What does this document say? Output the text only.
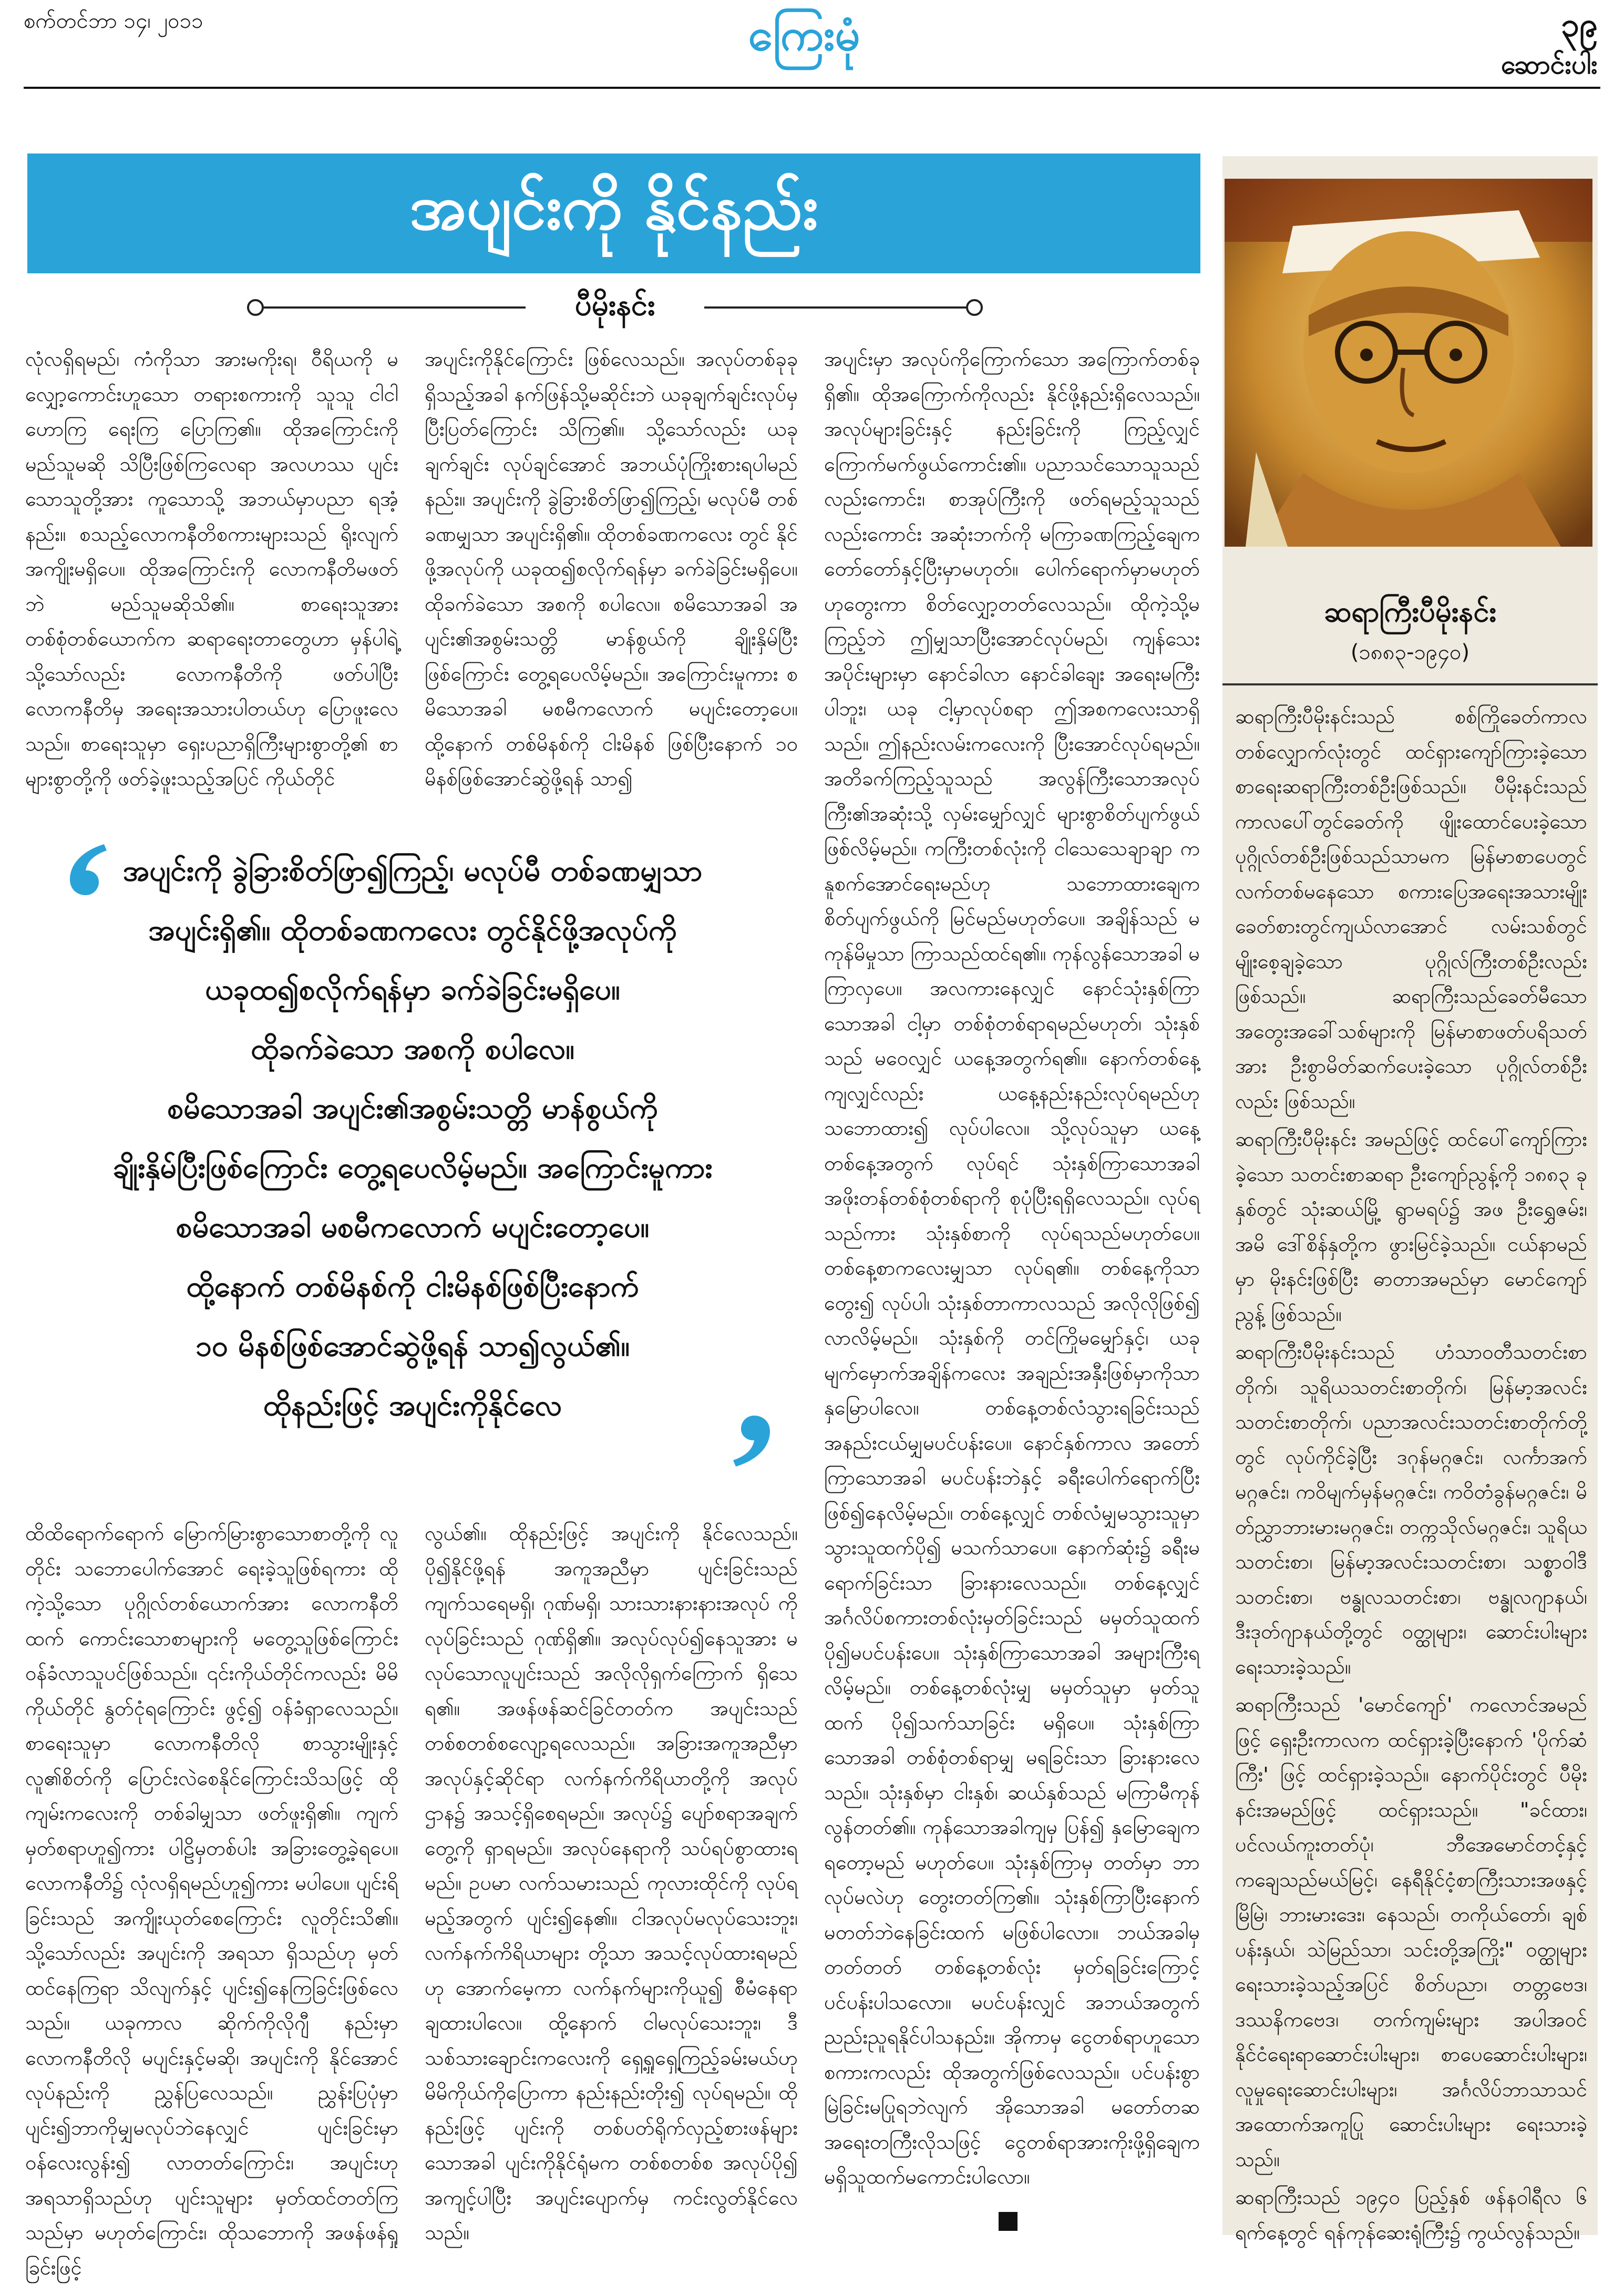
စက်တင်ဘာ ၁၄၊ ၂၀၁၁	ကြေးမုံ	၃၉
ဆောင်းပါး
အပျင်းကို နိုင်နည်း
ပီမိုးနင်း

လုံလရှိရမည်၊ ကံကိုသာ အားမကိုးရ၊ ဝီရိယကို မလျှော့ကောင်းဟူသော တရားစကားကို သူသူ ငါငါဟောကြ ရေးကြ ပြောကြ၏။ ထိုအကြောင်းကို မည်သူမဆို သိပြီးဖြစ်ကြလေရာ အလဟဿ ပျင်းသောသူတို့အား ကူသောသို့ အဘယ်မှာပညာ ရအံ့နည်း။ စသည့်လောကနီတိစကားများသည် ရိုးလျက် အကျိုးမရှိပေ။ ထိုအကြောင်းကို လောကနီတိမဖတ်ဘဲ မည်သူမဆိုသိ၏။ စာရေးသူအား တစ်စုံတစ်ယောက်က ဆရာရေးတာတွေဟာ မှန်ပါရဲ့ သို့သော်လည်း လောကနီတိကို ဖတ်ပါပြီး လောကနီတိမှ အရေးအသားပါတယ်ဟု ပြောဖူးလေသည်။ စာရေးသူမှာ ရှေးပညာရှိကြီးများစွာတို့၏ စာများစွာတို့ကို ဖတ်ခဲ့ဖူးသည့်အပြင် ကိုယ်တိုင်

အပျင်းကိုနိုင်ကြောင်း ဖြစ်လေသည်။ အလုပ်တစ်ခုခုရှိသည့်အခါ နက်ဖြန်သို့မဆိုင်းဘဲ ယခုချက်ချင်းလုပ်မှ ပြီးပြတ်ကြောင်း သိကြ၏။ သို့သော်လည်း ယခုချက်ချင်း လုပ်ချင်အောင် အဘယ်ပုံကြိုးစားရပါမည်နည်း။ အပျင်းကို ခွဲခြားစိတ်ဖြာ၍ကြည့်၊ မလုပ်မီ တစ်ခဏမျှသာ အပျင်းရှိ၏။ ထိုတစ်ခဏကလေး တွင် နိုင်ဖို့အလုပ်ကို ယခုထ၍စလိုက်ရန်မှာ ခက်ခဲခြင်းမရှိပေ။ ထိုခက်ခဲသော အစကို စပါလေ။ စမိသောအခါ အပျင်း၏အစွမ်းသတ္တိ မာန်စွယ်ကို ချိုးနှိမ်ပြီးဖြစ်ကြောင်း တွေ့ရပေလိမ့်မည်။ အကြောင်းမူကား စမိသောအခါ မစမီကလောက် မပျင်းတော့ပေ။ ထို့နောက် တစ်မိနစ်ကို ငါးမိနစ် ဖြစ်ပြီးနောက် ၁၀ မိနစ်ဖြစ်အောင်ဆွဲဖို့ရန် သာ၍

အပျင်းမှာ အလုပ်ကိုကြောက်သော အကြောက်တစ်ခုရှိ၏။ ထိုအကြောက်ကိုလည်း နိုင်ဖို့နည်းရှိလေသည်။ အလုပ်များခြင်းနှင့် နည်းခြင်းကို ကြည့်လျှင် ကြောက်မက်ဖွယ်ကောင်း၏။ ပညာသင်သောသူသည်လည်းကောင်း၊ စာအုပ်ကြီးကို ဖတ်ရမည့်သူသည်လည်းကောင်း အဆုံးဘက်ကို မကြာခဏကြည့်ချေက တော်တော်နှင့်ပြီးမှာမဟုတ်။ ပေါက်ရောက်မှာမဟုတ်ဟုတွေးကာ စိတ်လျှော့တတ်လေသည်။ ထိုကဲ့သို့မကြည့်ဘဲ ဤမျှသာပြီးအောင်လုပ်မည်၊ ကျန်သေးအပိုင်းများမှာ နောင်ခါလာ နောင်ခါချေး အရေးမကြီးပါဘူး၊ ယခု ငါ့မှာလုပ်စရာ ဤအစကလေးသာရှိသည်။ ဤနည်းလမ်းကလေးကို ပြီးအောင်လုပ်ရမည်။ အတိခက်ကြည့်သူသည် အလွန်ကြီးသောအလုပ်ကြီး၏အဆုံးသို့ လှမ်းမျှော်လျှင် များစွာစိတ်ပျက်ဖွယ်ဖြစ်လိမ့်မည်။ ကကြီးတစ်လုံးကို ငါသေသေချာချာ ကနူစက်အောင်ရေးမည်ဟု သဘောထားချေက စိတ်ပျက်ဖွယ်ကို မြင်မည်မဟုတ်ပေ။ အချိန်သည် မကုန်မိမှုသာ ကြာသည်ထင်ရ၏။ ကုန်လွန်သောအခါ မကြာလှပေ။ အလကားနေလျှင် နောင်သုံးနှစ်ကြာသောအခါ ငါ့မှာ တစ်စုံတစ်ရာရမည်မဟုတ်၊ သုံးနှစ်သည် မဝေလျှင် ယနေ့အတွက်ရ၏။ နောက်တစ်နေ့ကျလျှင်လည်း ယနေ့နည်းနည်းလုပ်ရမည်ဟု သဘောထား၍ လုပ်ပါလေ။ သို့လုပ်သူမှာ ယနေ့တစ်နေ့အတွက် လုပ်ရင် သုံးနှစ်ကြာသောအခါ အဖိုးတန်တစ်စုံတစ်ရာကို စုပုံပြီးရရှိလေသည်။ လုပ်ရသည်ကား သုံးနှစ်စာကို လုပ်ရသည်မဟုတ်ပေ။ တစ်နေ့စာကလေးမျှသာ လုပ်ရ၏။ တစ်နေ့ကိုသာ တွေး၍ လုပ်ပါ၊ သုံးနှစ်တာကာလသည် အလိုလိုဖြစ်၍ လာလိမ့်မည်။ သုံးနှစ်ကို တင်ကြိုမမျှော်နှင့်၊ ယခုမျက်မှောက်အချိန်ကလေး အချည်းအနှီးဖြစ်မှာကိုသာ နှမြောပါလေ။ တစ်နေ့တစ်လံသွားရခြင်းသည် အနည်းငယ်မျှမပင်ပန်းပေ။ နောင်နှစ်ကာလ အတော်ကြာသောအခါ မပင်ပန်းဘဲနှင့် ခရီးပေါက်ရောက်ပြီးဖြစ်၍နေလိမ့်မည်။ တစ်နေ့လျှင် တစ်လံမျှမသွားသူမှာ သွားသူထက်ပို၍ မသက်သာပေ။ နောက်ဆုံး၌ ခရီးမရောက်ခြင်းသာ ခြားနားလေသည်။ တစ်နေ့လျှင် အင်္ဂလိပ်စကားတစ်လုံးမှတ်ခြင်းသည် မမှတ်သူထက် ပို၍မပင်ပန်းပေ။ သုံးနှစ်ကြာသောအခါ အများကြီးရလိမ့်မည်။ တစ်နေ့တစ်လုံးမျှ မမှတ်သူမှာ မှတ်သူထက် ပို၍သက်သာခြင်း မရှိပေ။ သုံးနှစ်ကြာသောအခါ တစ်စုံတစ်ရာမျှ မရခြင်းသာ ခြားနားလေသည်။ သုံးနှစ်မှာ ငါးနှစ်၊ ဆယ်နှစ်သည် မကြာမီကုန်လွန်တတ်၏။ ကုန်သောအခါကျမှ ပြန်၍ နှမြောချေက ရတော့မည် မဟုတ်ပေ။ သုံးနှစ်ကြာမှ တတ်မှာ ဘာလုပ်မလဲဟု တွေးတတ်ကြ၏။ သုံးနှစ်ကြာပြီးနောက် မတတ်ဘဲနေခြင်းထက် မဖြစ်ပါလော။ ဘယ်အခါမှတတ်တတ် တစ်နေ့တစ်လုံး မှတ်ရခြင်းကြောင့် ပင်ပန်းပါသလော။ မပင်ပန်းလျှင် အဘယ်အတွက် ညည်းညူရနိုင်ပါသနည်း။ အိုကာမှ ငွေတစ်ရာဟူသောစကားကလည်း ထိုအတွက်ဖြစ်လေသည်။ ပင်ပန်းစွာ မြဲခြင်းမပြုရဘဲလျက် အိုသောအခါ မတော်တဆအရေးတကြီးလိုသဖြင့် ငွေတစ်ရာအားကိုးဖို့ရှိချေက မရှိသူထက်မကောင်းပါလော။

အပျင်းကို ခွဲခြားစိတ်ဖြာ၍ကြည့်၊ မလုပ်မီ တစ်ခဏမျှသာ
အပျင်းရှိ၏။ ထိုတစ်ခဏကလေး တွင်နိုင်ဖို့အလုပ်ကို
ယခုထ၍စလိုက်ရန်မှာ ခက်ခဲခြင်းမရှိပေ။
ထိုခက်ခဲသော အစကို စပါလေ။
စမိသောအခါ အပျင်း၏အစွမ်းသတ္တိ မာန်စွယ်ကို
ချိုးနှိမ်ပြီးဖြစ်ကြောင်း တွေ့ရပေလိမ့်မည်။ အကြောင်းမူကား
စမိသောအခါ မစမီကလောက် မပျင်းတော့ပေ။
ထို့နောက် တစ်မိနစ်ကို ငါးမိနစ်ဖြစ်ပြီးနောက်
၁၀ မိနစ်ဖြစ်အောင်ဆွဲဖို့ရန် သာ၍လွယ်၏။
ထိုနည်းဖြင့် အပျင်းကိုနိုင်လေ

ထိထိရောက်ရောက် မြောက်မြားစွာသောစာတို့ကို လူတိုင်း သဘောပေါက်အောင် ရေးခဲ့သူဖြစ်ရကား ထိုကဲ့သို့သော ပုဂ္ဂိုလ်တစ်ယောက်အား လောကနီတိထက် ကောင်းသောစာများကို မတွေ့သူဖြစ်ကြောင်း ဝန်ခံလာသူပင်ဖြစ်သည်။ ၎င်းကိုယ်တိုင်ကလည်း မိမိကိုယ်တိုင် နွတ်ငုံရကြောင်း ဖွင့်၍ ဝန်ခံရှာလေသည်။ စာရေးသူမှာ လောကနီတိလို စာသွားမျိုးနှင့် လူ၏စိတ်ကို ပြောင်းလဲစေနိုင်ကြောင်းသိသဖြင့် ထိုကျမ်းကလေးကို တစ်ခါမျှသာ ဖတ်ဖူးရှိ၏။ ကျက်မှတ်စရာဟူ၍ကား ပါဠိမှတစ်ပါး အခြားတွေ့ခဲ့ရပေ။ လောကနီတိ၌ လုံလရှိရမည်ဟူ၍ကား မပါပေ။ ပျင်းရိခြင်းသည် အကျိုးယုတ်စေကြောင်း လူတိုင်းသိ၏။ သို့သော်လည်း အပျင်းကို အရသာ ရှိသည်ဟု မှတ်ထင်နေကြရာ သိလျက်နှင့် ပျင်း၍နေကြခြင်းဖြစ်လေသည်။ ယခုကာလ ဆိုက်ကိုလိုဂျီ နည်းမှာ လောကနီတိလို မပျင်းနှင့်မဆို၊ အပျင်းကို နိုင်အောင်လုပ်နည်းကို ညွှန်ပြလေသည်။ ညွှန်းပြပုံမှာ ပျင်း၍ဘာကိုမျှမလုပ်ဘဲနေလျှင် ပျင်းခြင်းမှာ ဝန်လေးလွန်း၍ လာတတ်ကြောင်း၊ အပျင်းဟု အရသာရှိသည်ဟု ပျင်းသူများ မှတ်ထင်တတ်ကြသည်မှာ မဟုတ်ကြောင်း၊ ထိုသဘောကို အဖန်ဖန်ရှုခြင်းဖြင့်

လွယ်၏။ ထိုနည်းဖြင့် အပျင်းကို နိုင်လေသည်။ ပို၍နိုင်ဖို့ရန် အကူအညီမှာ ပျင်းခြင်းသည် ကျက်သရေမရှိ၊ ဂုဏ်မရှိ၊ သားသားနားနားအလုပ် ကို လုပ်ခြင်းသည် ဂုဏ်ရှိ၏။ အလုပ်လုပ်၍နေသူအား မလုပ်သောလူပျင်းသည် အလိုလိုရှက်ကြောက် ရှိသေရ၏။ အဖန်ဖန်ဆင်ခြင်တတ်က အပျင်းသည် တစ်စတစ်စလျော့ရလေသည်။ အခြားအကူအညီမှာ အလုပ်နှင့်ဆိုင်ရာ လက်နက်ကိရိယာတို့ကို အလုပ်ဌာန၌ အသင့်ရှိစေရမည်။ အလုပ်၌ ပျော်စရာအချက်တွေ့ကို ရှာရမည်။ အလုပ်နေရာကို သပ်ရပ်စွာထားရမည်။ ဥပမာ လက်သမားသည် ကုလားထိုင်ကို လုပ်ရမည့်အတွက် ပျင်း၍နေ၏။ ငါအလုပ်မလုပ်သေးဘူး၊ လက်နက်ကိရိယာများ တို့သာ အသင့်လုပ်ထားရမည်ဟု အောက်မေ့ကာ လက်နက်များကိုယူ၍ စီမံနေရာချထားပါလေ။ ထို့နောက် ငါမလုပ်သေးဘူး၊ ဒီသစ်သားချောင်းကလေးကို ရှေ့ရှုရှေ့ကြည့်ခမ်းမယ်ဟု မိမိကိုယ်ကိုပြောကာ နည်းနည်းတိုး၍ လုပ်ရမည်။ ထိုနည်းဖြင့် ပျင်းကို တစ်ပတ်ရိုက်လှည့်စားဖန်များသောအခါ ပျင်းကိုနိုင်ရုံမက တစ်စတစ်စ အလုပ်ပို၍ အကျင့်ပါပြီး အပျင်းပျောက်မှ ကင်းလွတ်နိုင်လေသည်။

ဆရာကြီးပီမိုးနင်း
(၁၈၈၃-၁၉၄၀)

ဆရာကြီးပီမိုးနင်းသည် စစ်ကြိုခေတ်ကာလ တစ်လျှောက်လုံးတွင် ထင်ရှားကျော်ကြားခဲ့သော စာရေးဆရာကြီးတစ်ဦးဖြစ်သည်။ ပီမိုးနင်းသည် ကာလပေါ်တွင်ခေတ်ကို ဖျိုးထောင်ပေးခဲ့သော ပုဂ္ဂိုလ်တစ်ဦးဖြစ်သည်သာမက မြန်မာစာပေတွင် လက်တစ်မနေသော စကားပြေအရေးအသားမျိုး ခေတ်စားတွင်ကျယ်လာအောင် လမ်းသစ်တွင် မျိုးစေ့ချခဲ့သော ပုဂ္ဂိုလ်ကြီးတစ်ဦးလည်း ဖြစ်သည်။ ဆရာကြီးသည်ခေတ်မီသော အတွေးအခေါ်သစ်များကို မြန်မာစာဖတ်ပရိသတ်အား ဦးစွာမိတ်ဆက်ပေးခဲ့သော ပုဂ္ဂိုလ်တစ်ဦးလည်း ဖြစ်သည်။

ဆရာကြီးပီမိုးနင်း အမည်ဖြင့် ထင်ပေါ်ကျော်ကြားခဲ့သော သတင်းစာဆရာ ဦးကျော်ညွန့်ကို ၁၈၈၃ ခုနှစ်တွင် သုံးဆယ်မြို့ ရွာမရပ်၌ အဖ ဦးရွှေဇမ်း၊ အမိ ဒေါ်စိန်နှတို့က ဖွားမြင်ခဲ့သည်။ ငယ်နာမည်မှာ မိုးနင်းဖြစ်ပြီး ဓာတာအမည်မှာ မောင်ကျော်ညွန့် ဖြစ်သည်။

ဆရာကြီးပီမိုးနင်းသည် ဟံသာဝတီသတင်းစာတိုက်၊ သူရိယသတင်းစာတိုက်၊ မြန်မာ့အလင်း သတင်းစာတိုက်၊ ပညာအလင်းသတင်းစာတိုက်တို့တွင် လုပ်ကိုင်ခဲ့ပြီး ဒဂုန်မဂ္ဂဇင်း၊ လင်္ကာအက်မဂ္ဂဇင်း၊ ကဝိမျက်မှန်မဂ္ဂဇင်း၊ ကဝိတံခွန်မဂ္ဂဇင်း၊ မိတ်ညွှာဘားမားမဂ္ဂဇင်း၊ တက္ကသိုလ်မဂ္ဂဇင်း၊ သူရိယသတင်းစာ၊ မြန်မာ့အလင်းသတင်းစာ၊ သစ္စာဝါဒီသတင်းစာ၊ ဗန္ဓုလသတင်းစာ၊ ဗန္ဓုလဂျာနယ်၊ ဒီးဒုတ်ဂျာနယ်တို့တွင် ဝတ္ထုများ၊ ဆောင်းပါးများ ရေးသားခဲ့သည်။

ဆရာကြီးသည် 'မောင်ကျော်' ကလောင်အမည်ဖြင့် ရှေးဦးကာလက ထင်ရှားခဲ့ပြီးနောက် 'ပိုက်ဆံကြီး' ဖြင့် ထင်ရှားခဲ့သည်။ နောက်ပိုင်းတွင် ပီမိုးနင်းအမည်ဖြင့် ထင်ရှားသည်။ "ခင်ထား၊ ပင်လယ်ကူးတတ်ပုံ၊ ဘီအေမောင်တင့်နှင့် ကချေသည်မယ်မြင့်၊ နေရီနိုင်ငံ့စာကြီးသားအဖနှင့် မြိမြဲ၊ ဘားမားဒေး၊ နေသည်၊ တကိုယ်တော်၊ ချစ်ပန်းနှယ်၊ သဲမြည်သာ၊ သင်းတို့အကြိုး" ဝတ္ထုများ ရေးသားခဲ့သည့်အပြင် စိတ်ပညာ၊ တတ္တဗေဒ၊ ဒဿနိကဗေဒ၊ တက်ကျမ်းများ အပါအဝင် နိုင်ငံရေးရာဆောင်းပါးများ၊ စာပေဆောင်းပါးများ၊ လူမှုရေးဆောင်းပါးများ၊ အင်္ဂလိပ်ဘာသာသင်အထောက်အကူပြု ဆောင်းပါးများ ရေးသားခဲ့သည်။

ဆရာကြီးသည် ၁၉၄၀ ပြည့်နှစ် ဖန်နဝါရီလ ၆ ရက်နေ့တွင် ရန်ကုန်ဆေးရုံကြီး၌ ကွယ်လွန်သည်။
